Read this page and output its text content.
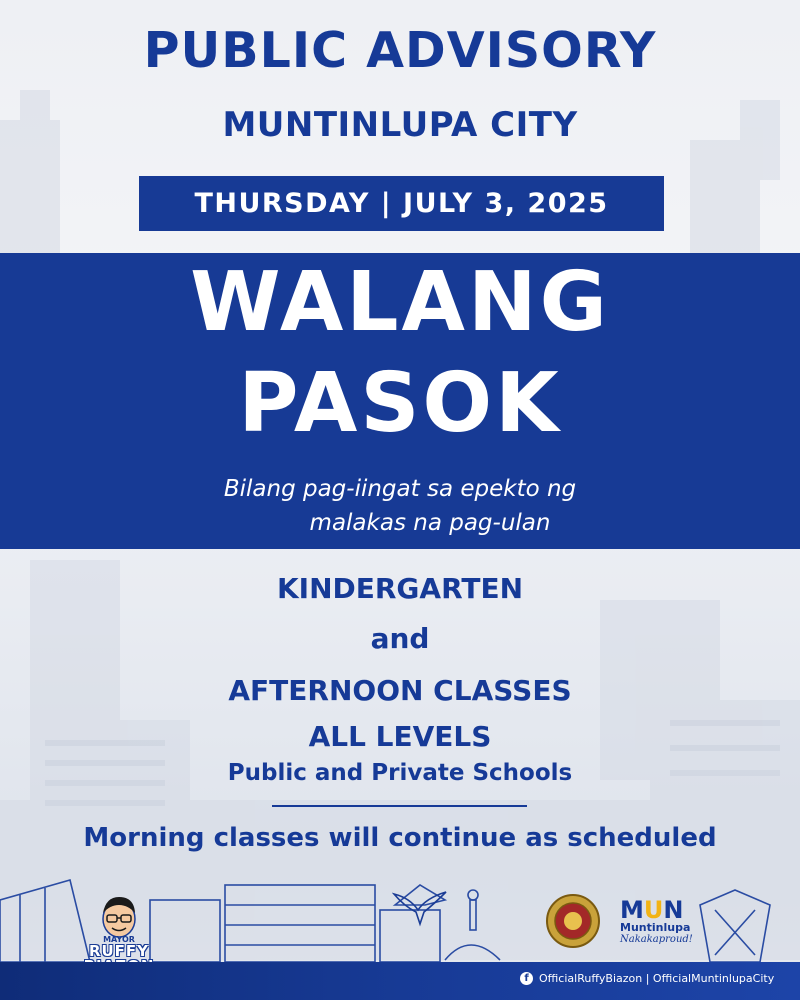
PUBLIC ADVISORY
MUNTINLUPA CITY
THURSDAY | JULY 3, 2025
WALANG
PASOK
Bilang pag-iingat sa epekto ng
malakas na pag-ulan
KINDERGARTEN
and
AFTERNOON CLASSES
ALL LEVELS
Public and Private Schools
Morning classes will continue as scheduled
MAYOR
RUFFY
MUN
Muntinlupa
Nakakaproud!
f OfficialRuffyBiazon | OfficialMuntinlupaCity
